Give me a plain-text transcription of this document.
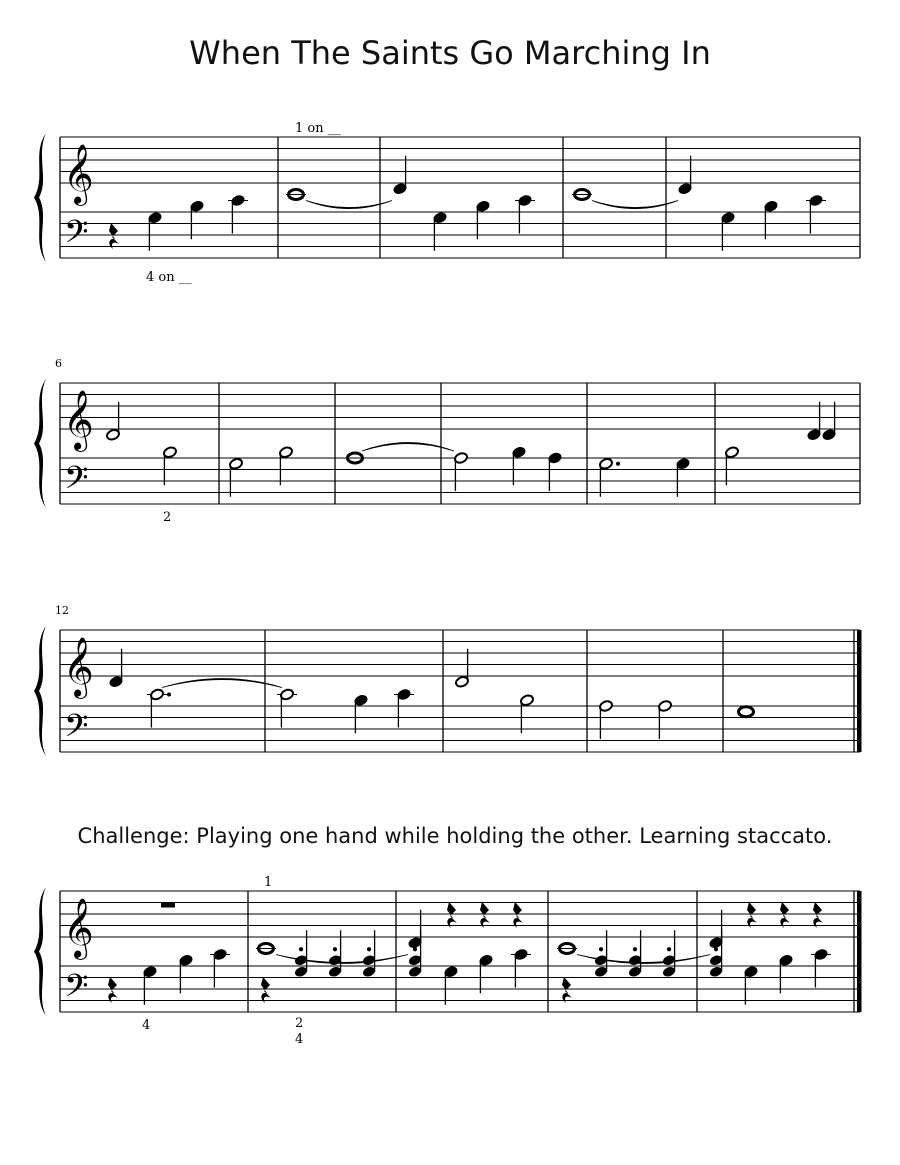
When The Saints Go Marching In
𝄞
𝄢
1 on __
4 on __
𝄞
𝄢
6
2
𝄞
𝄢
12
𝄞
𝄢
1
4	2
4
Challenge: Playing one hand while holding the other. Learning staccato.
